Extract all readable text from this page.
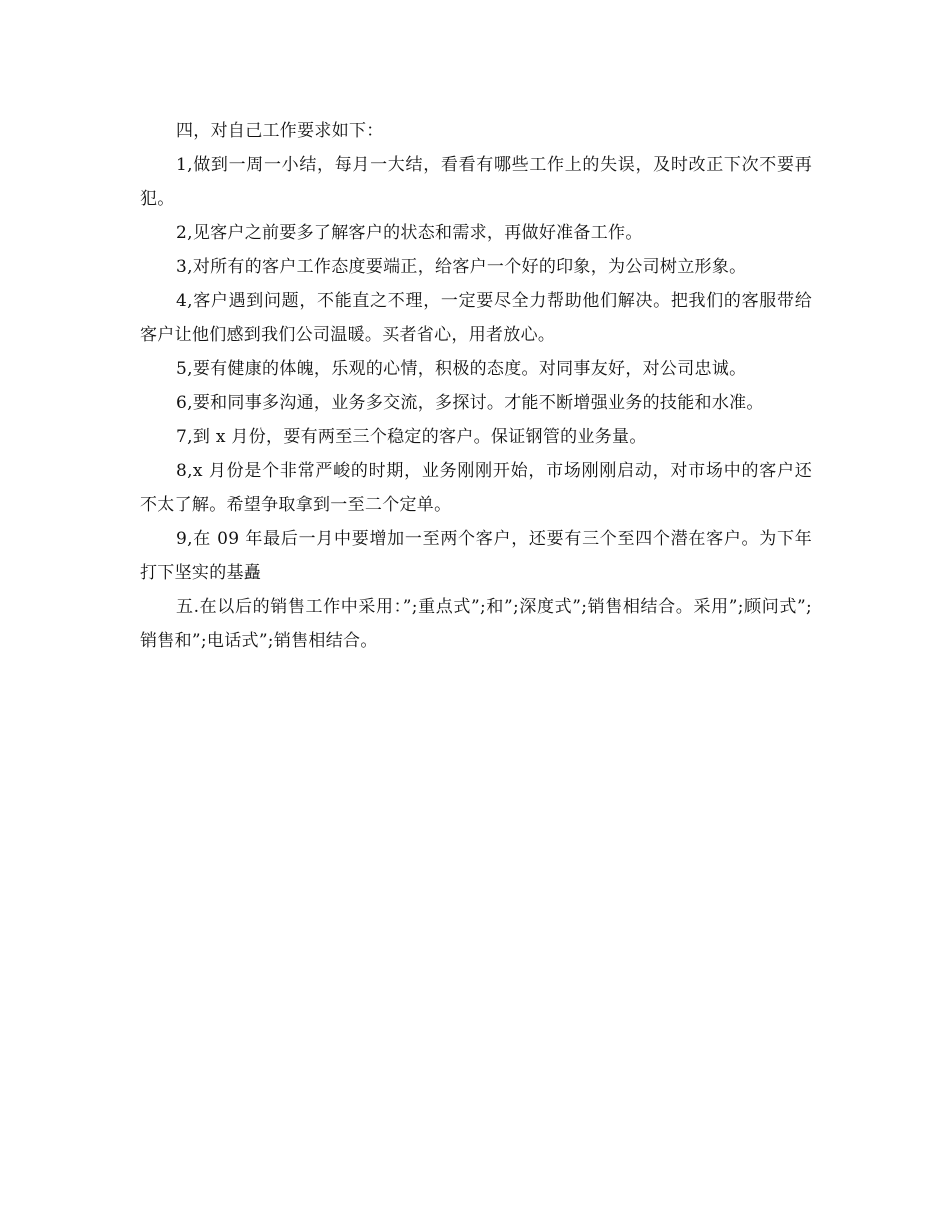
四，对自己工作要求如下：

1,做到一周一小结，每月一大结，看看有哪些工作上的失误，及时改正下次不要再犯。

2,见客户之前要多了解客户的状态和需求，再做好准备工作。

3,对所有的客户工作态度要端正，给客户一个好的印象，为公司树立形象。

4,客户遇到问题，不能直之不理，一定要尽全力帮助他们解决。把我们的客服带给客户让他们感到我们公司温暖。买者省心，用者放心。

5,要有健康的体魄，乐观的心情，积极的态度。对同事友好，对公司忠诚。

6,要和同事多沟通，业务多交流，多探讨。才能不断增强业务的技能和水准。

7,到 x 月份，要有两至三个稳定的客户。保证钢管的业务量。

8,x 月份是个非常严峻的时期，业务刚刚开始，市场刚刚启动，对市场中的客户还不太了解。希望争取拿到一至二个定单。

9,在 09 年最后一月中要增加一至两个客户，还要有三个至四个潜在客户。为下年打下坚实的基矗

五.在以后的销售工作中采用：”;重点式”;和”;深度式”;销售相结合。采用”;顾问式”;销售和”;电话式”;销售相结合。
